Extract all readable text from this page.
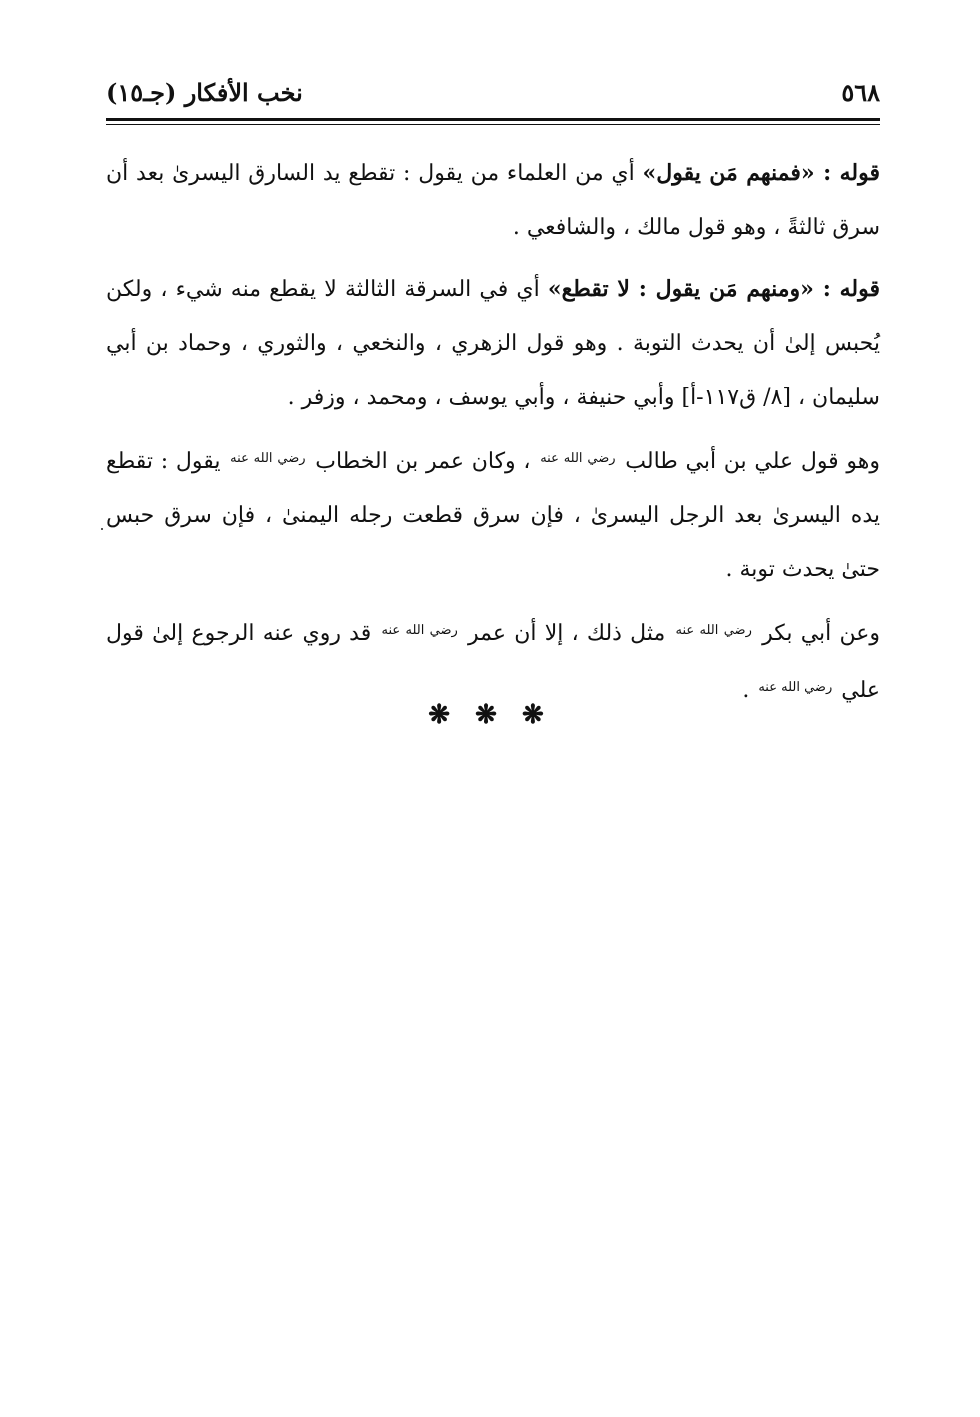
نخب الأفكار (جـ١٥)	٥٦٨
قوله : «فمنهم مَن يقول» أي من العلماء من يقول : تقطع يد السارق اليسرىٰ بعد أن سرق ثالثةً ، وهو قول مالك ، والشافعي .
قوله : «ومنهم مَن يقول : لا تقطع» أي في السرقة الثالثة لا يقطع منه شيء ، ولكن يُحبس إلىٰ أن يحدث التوبة . وهو قول الزهري ، والنخعي ، والثوري ، وحماد بن أبي سليمان ، [٨/ ق١١٧-أ] وأبي حنيفة ، وأبي يوسف ، ومحمد ، وزفر .
وهو قول علي بن أبي طالب $^{رضي الله عنه}$ ، وكان عمر بن الخطاب $^{رضي الله عنه}$ يقول : تقطع يده اليسرىٰ بعد الرجل اليسرىٰ ، فإن سرق قطعت رجله اليمنىٰ ، فإن سرق حبس حتىٰ يحدث توبة .
وعن أبي بكر $^{رضي الله عنه}$ مثل ذلك ، إلا أن عمر $^{رضي الله عنه}$ قد روي عنه الرجوع إلىٰ قول علي $^{رضي الله عنه}$ .
❋ ❋ ❋
